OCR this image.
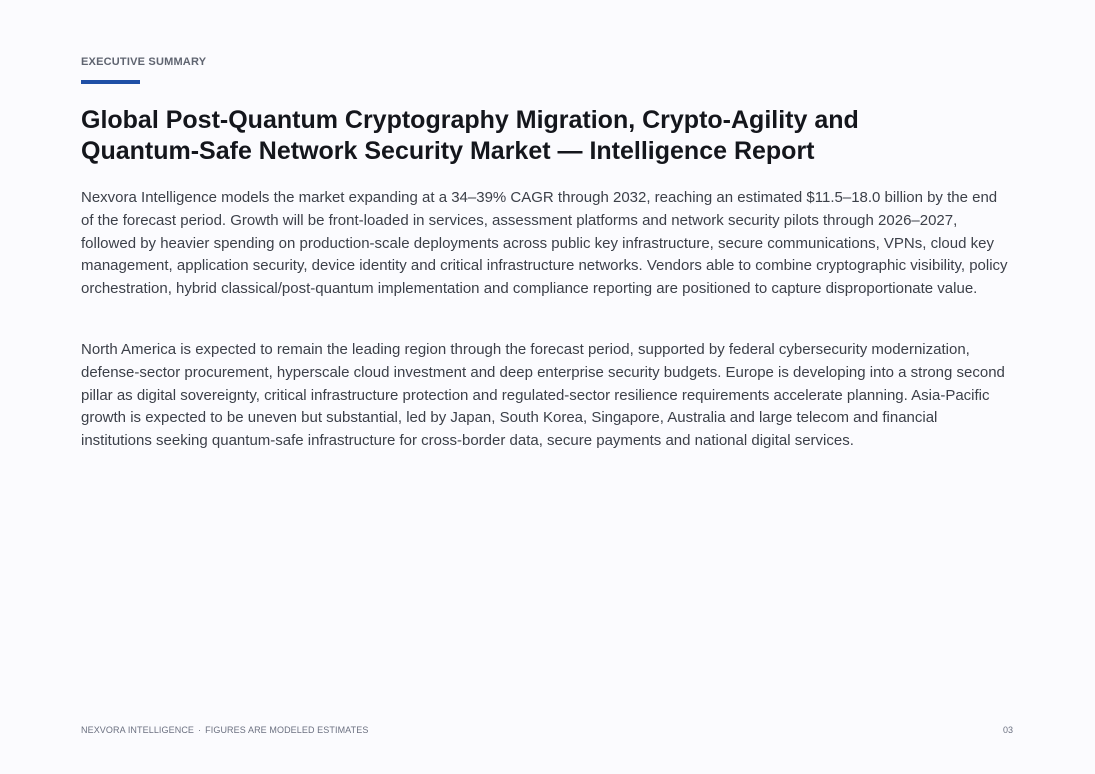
EXECUTIVE SUMMARY
Global Post-Quantum Cryptography Migration, Crypto-Agility and
Quantum-Safe Network Security Market — Intelligence Report

Nexvora Intelligence models the market expanding at a 34–39% CAGR through 2032, reaching an estimated $11.5–18.0 billion by the end of the forecast period. Growth will be front-loaded in services, assessment platforms and network security pilots through 2026–2027, followed by heavier spending on production-scale deployments across public key infrastructure, secure communications, VPNs, cloud key management, application security, device identity and critical infrastructure networks. Vendors able to combine cryptographic visibility, policy orchestration, hybrid classical/post-quantum implementation and compliance reporting are positioned to capture disproportionate value.

North America is expected to remain the leading region through the forecast period, supported by federal cybersecurity modernization, defense-sector procurement, hyperscale cloud investment and deep enterprise security budgets. Europe is developing into a strong second pillar as digital sovereignty, critical infrastructure protection and regulated-sector resilience requirements accelerate planning. Asia-Pacific growth is expected to be uneven but substantial, led by Japan, South Korea, Singapore, Australia and large telecom and financial institutions seeking quantum-safe infrastructure for cross-border data, secure payments and national digital services.

NEXVORA INTELLIGENCE · FIGURES ARE MODELED ESTIMATES	03
